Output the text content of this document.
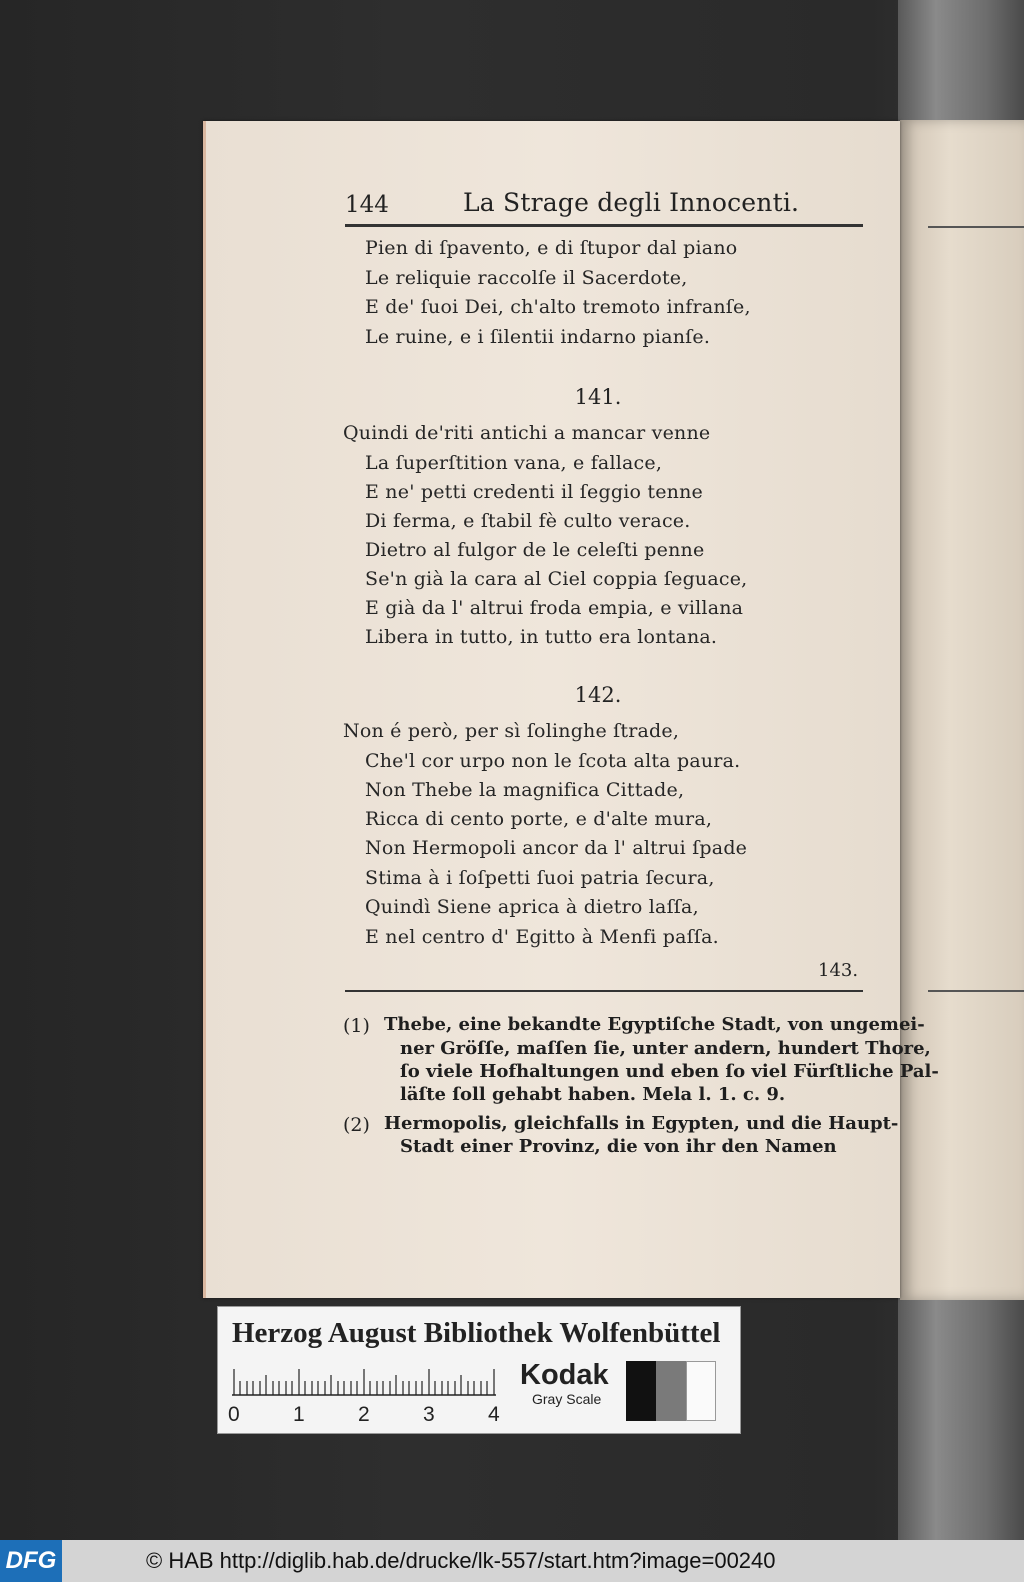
144	La Strage degli Innocenti.
Pien di ſpavento, e di ſtupor dal piano
Le reliquie raccolſe il Sacerdote,
E de' ſuoi Dei, ch'alto tremoto infranſe,
Le ruine, e i ſilentii indarno pianſe.
141.
Quindi de'riti antichi a mancar venne
La ſuperſtition vana, e fallace,
E ne' petti credenti il ſeggio tenne
Di ferma, e ſtabil fè culto verace.
Dietro al fulgor de le celeſti penne
Se'n già la cara al Ciel coppia ſeguace,
E già da l' altrui froda empia, e villana
Libera in tutto, in tutto era lontana.
142.
Non é però, per sì ſolinghe ſtrade,
Che'l cor urpo non le ſcota alta paura.
Non Thebe la magnifica Cittade,
Ricca di cento porte, e d'alte mura,
Non Hermopoli ancor da l' altrui ſpade
Stima à i ſoſpetti ſuoi patria ſecura,
Quindì Siene aprica à dietro laſſa,
E nel centro d' Egitto à Menfi paſſa.
143.
(1) Thebe, eine bekandte Egyptiſche Stadt, von ungemei-
ner Gröſſe, maſſen ſie, unter andern, hundert Thore,
ſo viele Hofhaltungen und eben ſo viel Fürſtliche Pal-
läſte ſoll gehabt haben. Mela l. 1. c. 9.
(2) Hermopolis, gleichfalls in Egypten, und die Haupt-
Stadt einer Provinz, die von ihr den Namen
Herzog August Bibliothek Wolfenbüttel
0	1	2	3	4
Kodak
Gray Scale
DFG	© HAB http://diglib.hab.de/drucke/lk-557/start.htm?image=00240
